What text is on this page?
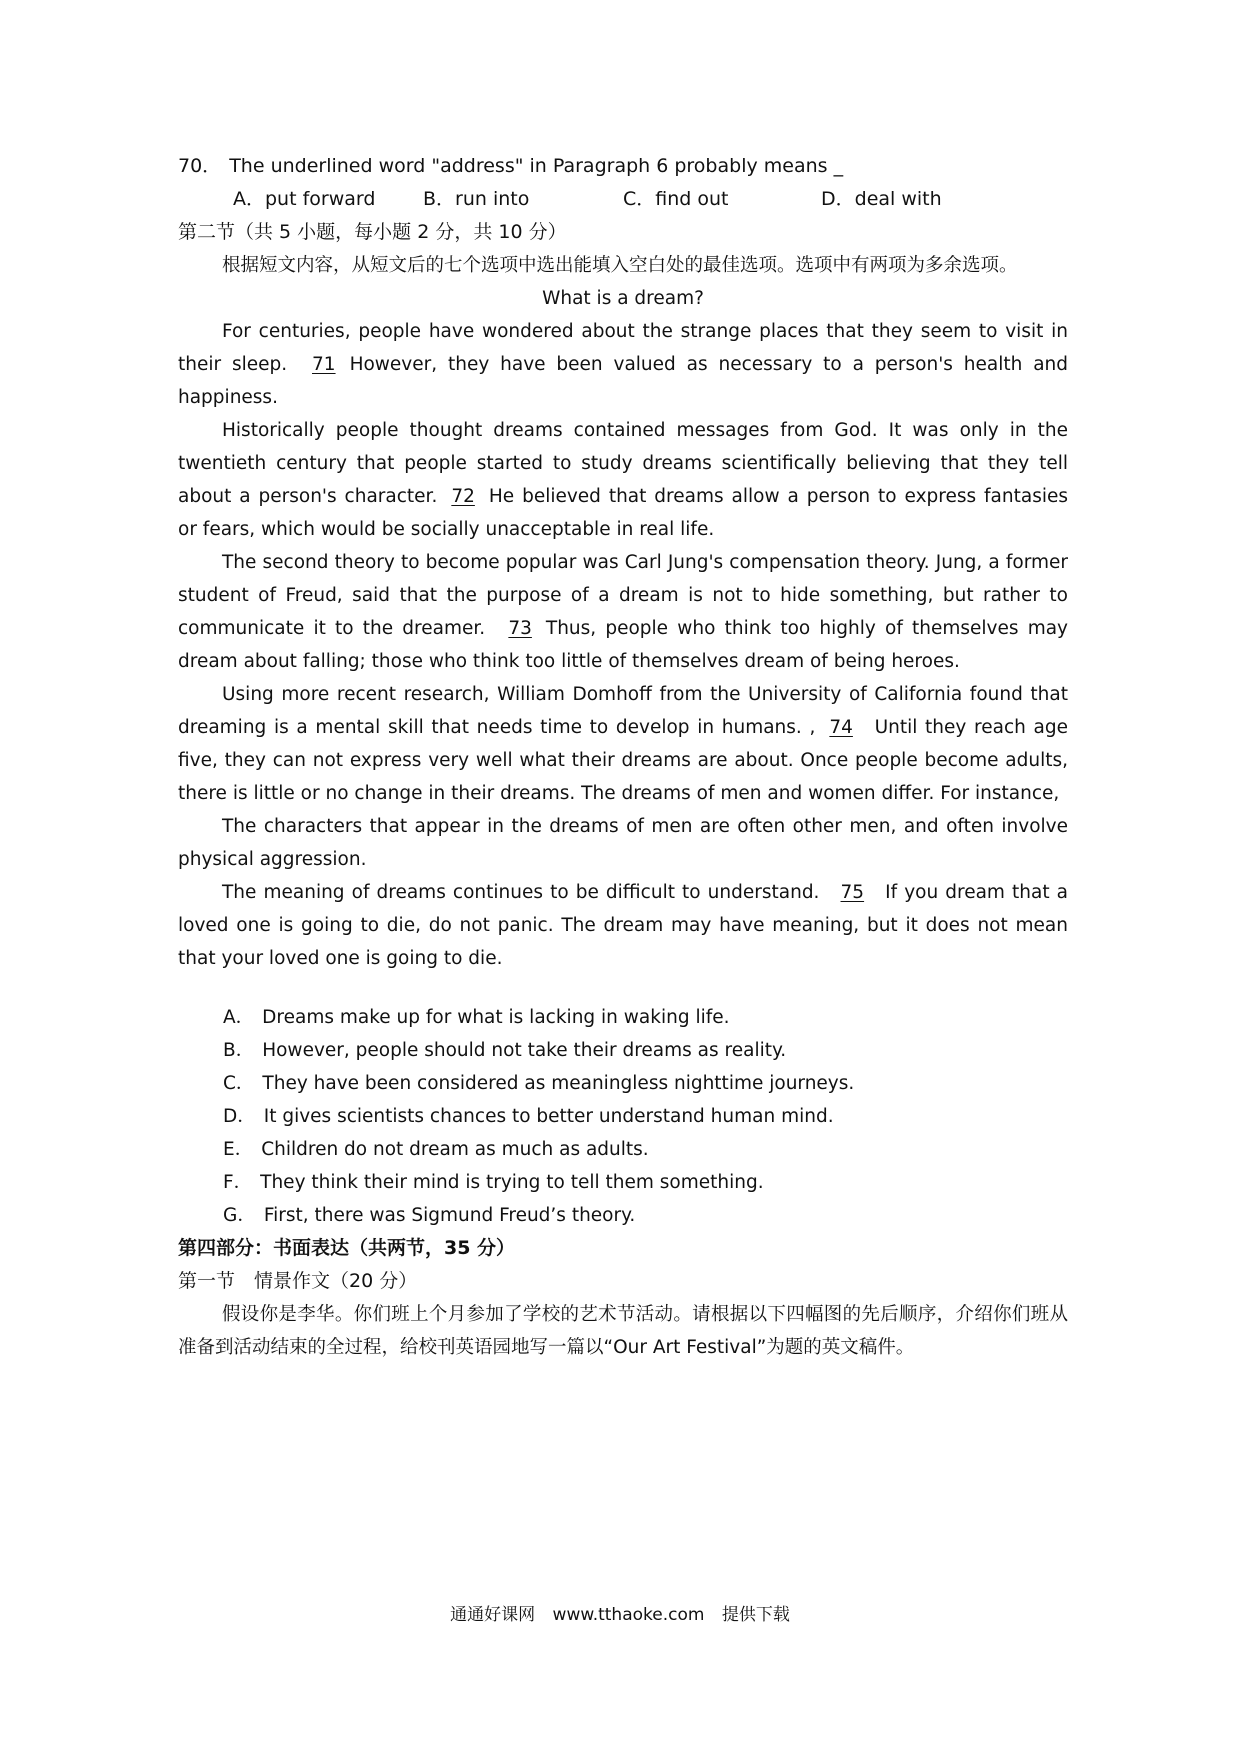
70． The underlined word "address" in Paragraph 6 probably means _

A．put forward	B．run into	C．find out	D．deal with

第二节（共 5 小题，每小题 2 分，共 10 分）

根据短文内容，从短文后的七个选项中选出能填入空白处的最佳选项。选项中有两项为多余选项。

What is a dream?

For centuries, people have wondered about the strange places that they seem to visit in their sleep. 71 However, they have been valued as necessary to a person's health and happiness.

Historically people thought dreams contained messages from God. It was only in the twentieth century that people started to study dreams scientifically believing that they tell about a person's character. 72 He believed that dreams allow a person to express fantasies or fears, which would be socially unacceptable in real life.

The second theory to become popular was Carl Jung's compensation theory. Jung, a former student of Freud, said that the purpose of a dream is not to hide something, but rather to communicate it to the dreamer. 73 Thus, people who think too highly of themselves may dream about falling; those who think too little of themselves dream of being heroes.

Using more recent research, William Domhoff from the University of California found that dreaming is a mental skill that needs time to develop in humans. , 74 Until they reach age five, they can not express very well what their dreams are about. Once people become adults, there is little or no change in their dreams. The dreams of men and women differ. For instance,

The characters that appear in the dreams of men are often other men, and often involve physical aggression.

The meaning of dreams continues to be difficult to understand. 75 If you dream that a loved one is going to die, do not panic. The dream may have meaning, but it does not mean that your loved one is going to die.

A． Dreams make up for what is lacking in waking life.

B． However, people should not take their dreams as reality.

C． They have been considered as meaningless nighttime journeys.

D． It gives scientists chances to better understand human mind.

E． Children do not dream as much as adults.

F． They think their mind is trying to tell them something.

G． First, there was Sigmund Freud’s theory.

第四部分：书面表达（共两节，35 分）

第一节　情景作文（20 分）

假设你是李华。你们班上个月参加了学校的艺术节活动。请根据以下四幅图的先后顺序，介绍你们班从准备到活动结束的全过程，给校刊英语园地写一篇以“Our Art Festival”为题的英文稿件。

通通好课网 www.tthaoke.com 提供下载
